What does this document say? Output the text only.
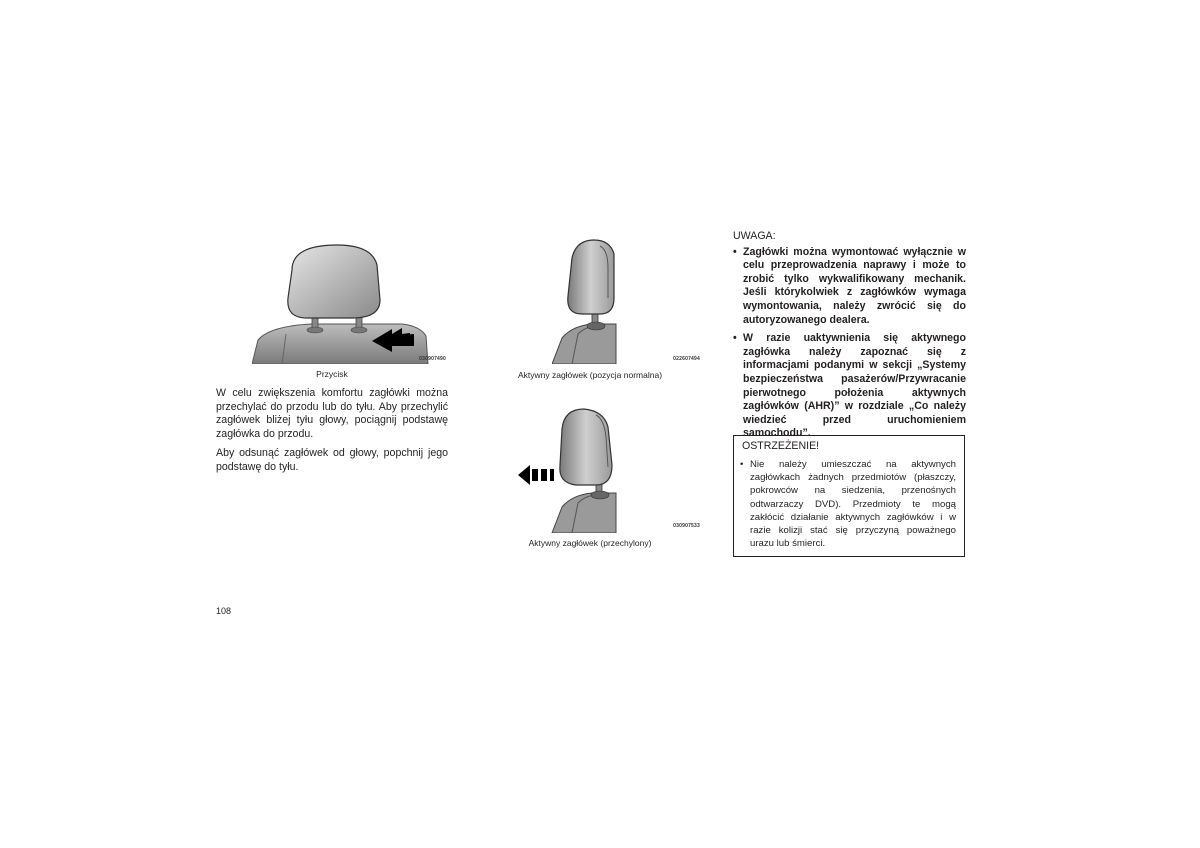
030907490
Przycisk

W celu zwiększenia komfortu zagłówki można przechylać do przodu lub do tyłu. Aby przechylić zagłówek bliżej tyłu głowy, pociągnij podstawę zagłówka do przodu.

Aby odsunąć zagłówek od głowy, popchnij jego podstawę do tyłu.

108
022607494
Aktywny zagłówek (pozycja normalna)
030907533
Aktywny zagłówek (przechylony)
UWAGA:
• Zagłówki można wymontować wyłącznie w celu przeprowadzenia naprawy i może to zrobić tylko wykwalifikowany mechanik. Jeśli którykolwiek z zagłówków wymaga wymontowania, należy zwrócić się do autoryzowanego dealera.
• W razie uaktywnienia się aktywnego zagłówka należy zapoznać się z informacjami podanymi w sekcji „Systemy bezpieczeństwa pasażerów/Przywracanie pierwotnego położenia aktywnych zagłówków (AHR)” w rozdziale „Co należy wiedzieć przed uruchomieniem samochodu”.
OSTRZEŻENIE!
• Nie należy umieszczać na aktywnych zagłówkach żadnych przedmiotów (płaszczy, pokrowców na siedzenia, przenośnych odtwarzaczy DVD). Przedmioty te mogą zakłócić działanie aktywnych zagłówków i w razie kolizji stać się przyczyną poważnego urazu lub śmierci.
